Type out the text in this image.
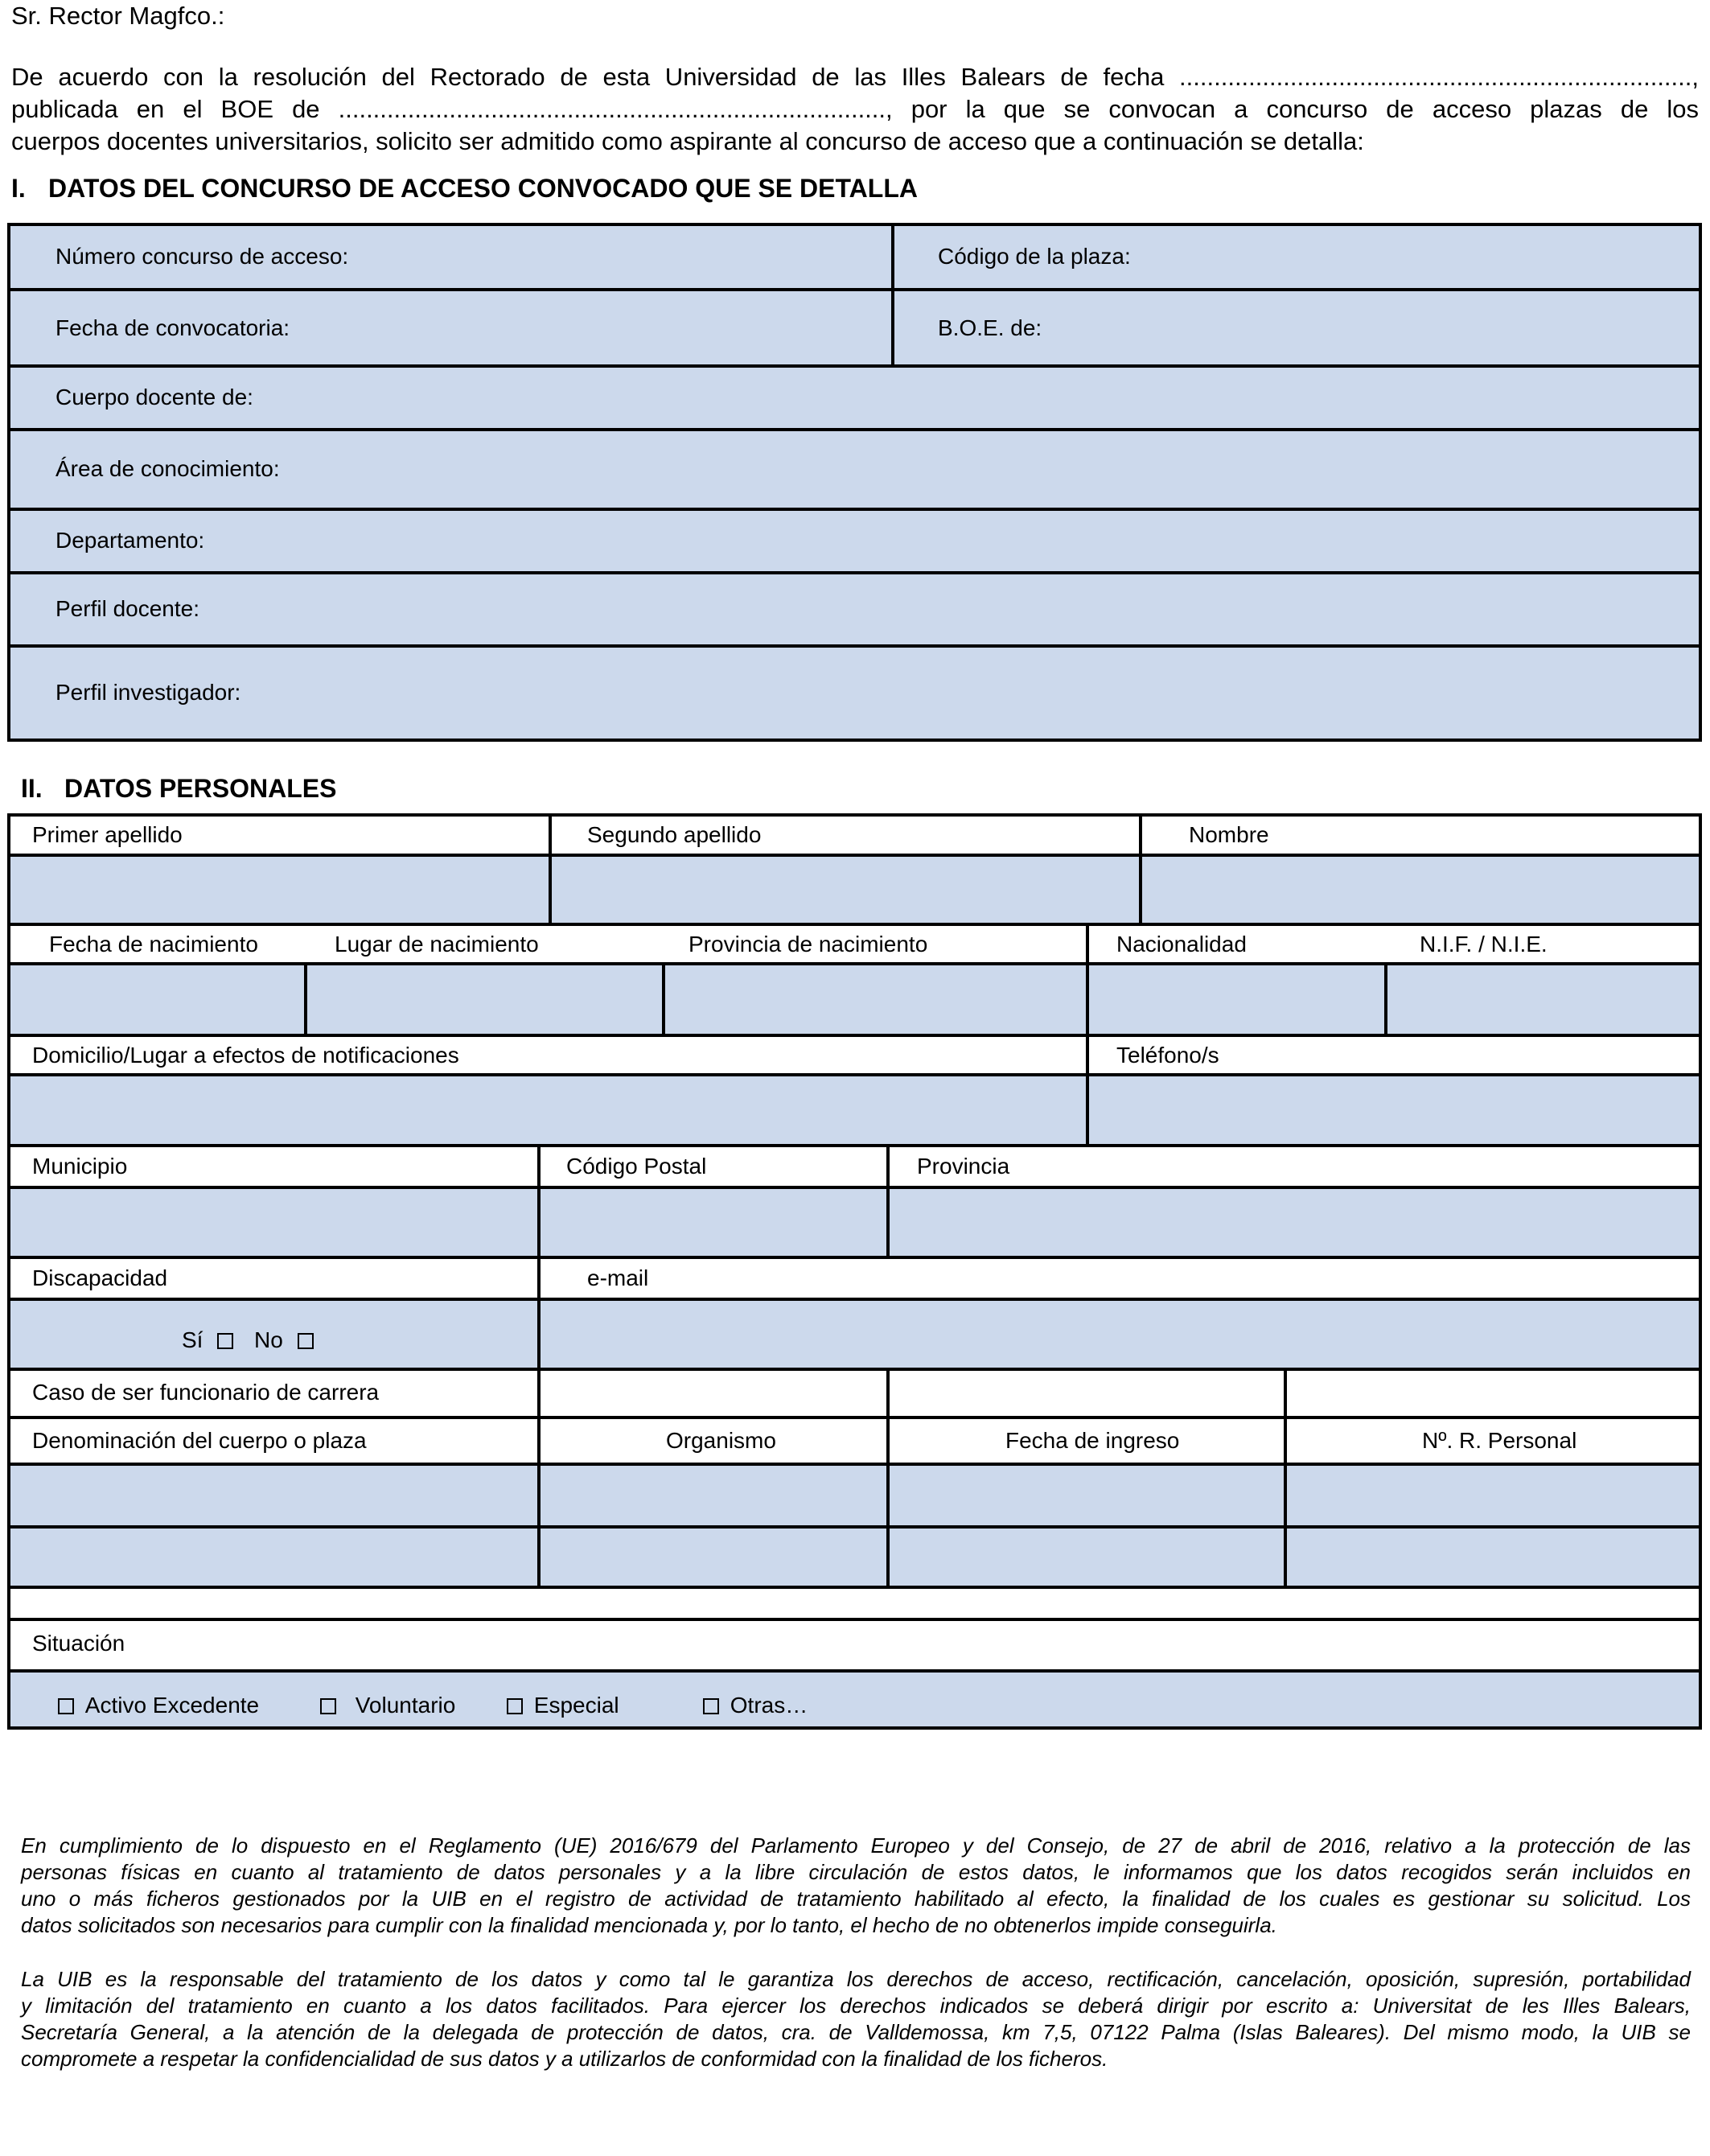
Sr. Rector Magfco.:
De acuerdo con la resolución del Rectorado de esta Universidad de las Illes Balears de fecha ..........................................................................,
publicada en el BOE de ..............................................................................., por la que se convocan a concurso de acceso plazas de los
cuerpos docentes universitarios, solicito ser admitido como aspirante al concurso de acceso que a continuación se detalla:
I. DATOS DEL CONCURSO DE ACCESO CONVOCADO QUE SE DETALLA
Número concurso de acceso:	Código de la plaza:
Fecha de convocatoria:	B.O.E. de:
Cuerpo docente de:
Área de conocimiento:
Departamento:
Perfil docente:
Perfil investigador:
II. DATOS PERSONALES
Primer apellido	Segundo apellido	Nombre
Fecha de nacimiento	Lugar de nacimiento	Provincia de nacimiento	Nacionalidad	N.I.F. / N.I.E.
Domicilio/Lugar a efectos de notificaciones	Teléfono/s
Municipio	Código Postal	Provincia
Discapacidad	e-mail
Sí	No
Caso de ser funcionario de carrera
Denominación del cuerpo o plaza	Organismo	Fecha de ingreso	Nº. R. Personal
Situación
Activo Excedente	Voluntario	Especial	Otras…
En cumplimiento de lo dispuesto en el Reglamento (UE) 2016/679 del Parlamento Europeo y del Consejo, de 27 de abril de 2016, relativo a la protección de las
personas físicas en cuanto al tratamiento de datos personales y a la libre circulación de estos datos, le informamos que los datos recogidos serán incluidos en
uno o más ficheros gestionados por la UIB en el registro de actividad de tratamiento habilitado al efecto, la finalidad de los cuales es gestionar su solicitud. Los
datos solicitados son necesarios para cumplir con la finalidad mencionada y, por lo tanto, el hecho de no obtenerlos impide conseguirla.
La UIB es la responsable del tratamiento de los datos y como tal le garantiza los derechos de acceso, rectificación, cancelación, oposición, supresión, portabilidad
y limitación del tratamiento en cuanto a los datos facilitados. Para ejercer los derechos indicados se deberá dirigir por escrito a: Universitat de les Illes Balears,
Secretaría General, a la atención de la delegada de protección de datos, cra. de Valldemossa, km 7,5, 07122 Palma (Islas Baleares). Del mismo modo, la UIB se
compromete a respetar la confidencialidad de sus datos y a utilizarlos de conformidad con la finalidad de los ficheros.
